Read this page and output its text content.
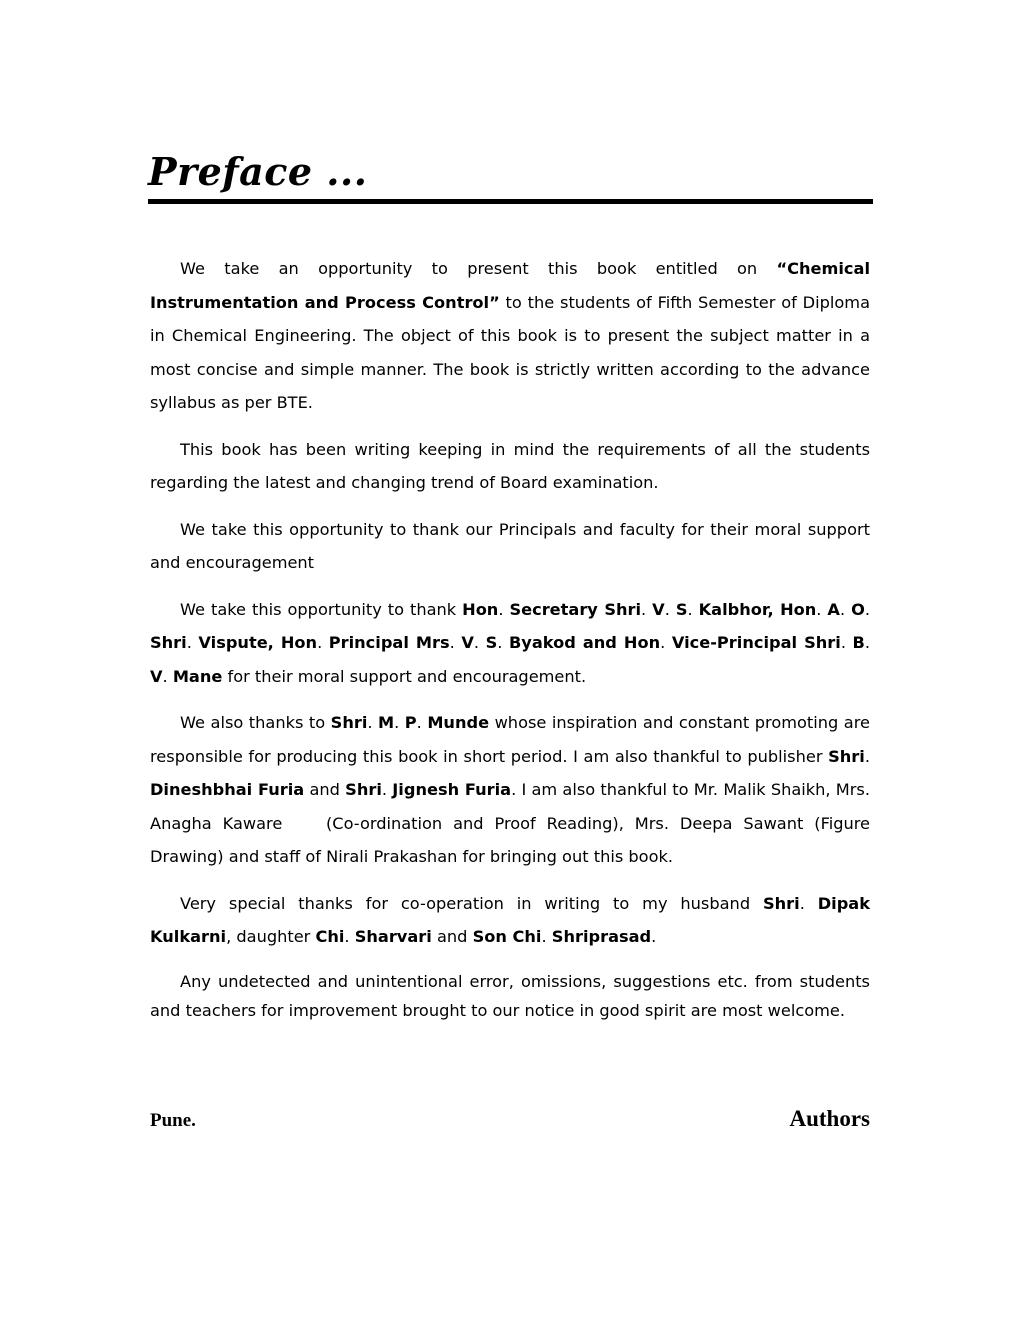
Preface ...

We take an opportunity to present this book entitled on “Chemical Instrumentation and Process Control” to the students of Fifth Semester of Diploma in Chemical Engineering. The object of this book is to present the subject matter in a most concise and simple manner. The book is strictly written according to the advance syllabus as per BTE.

This book has been writing keeping in mind the requirements of all the students regarding the latest and changing trend of Board examination.

We take this opportunity to thank our Principals and faculty for their moral support and encouragement

We take this opportunity to thank Hon. Secretary Shri. V. S. Kalbhor, Hon. A. O. Shri. Vispute, Hon. Principal Mrs. V. S. Byakod and Hon. Vice-Principal Shri. B. V. Mane for their moral support and encouragement.

We also thanks to Shri. M. P. Munde whose inspiration and constant promoting are responsible for producing this book in short period. I am also thankful to publisher Shri. Dineshbhai Furia and Shri. Jignesh Furia. I am also thankful to Mr. Malik Shaikh, Mrs. Anagha Kaware    (Co-ordination and Proof Reading), Mrs. Deepa Sawant (Figure Drawing) and staff of Nirali Prakashan for bringing out this book.

Very special thanks for co-operation in writing to my husband Shri. Dipak Kulkarni, daughter Chi. Sharvari and Son Chi. Shriprasad.

Any undetected and unintentional error, omissions, suggestions etc. from students and teachers for improvement brought to our notice in good spirit are most welcome.

Pune.	Authors
